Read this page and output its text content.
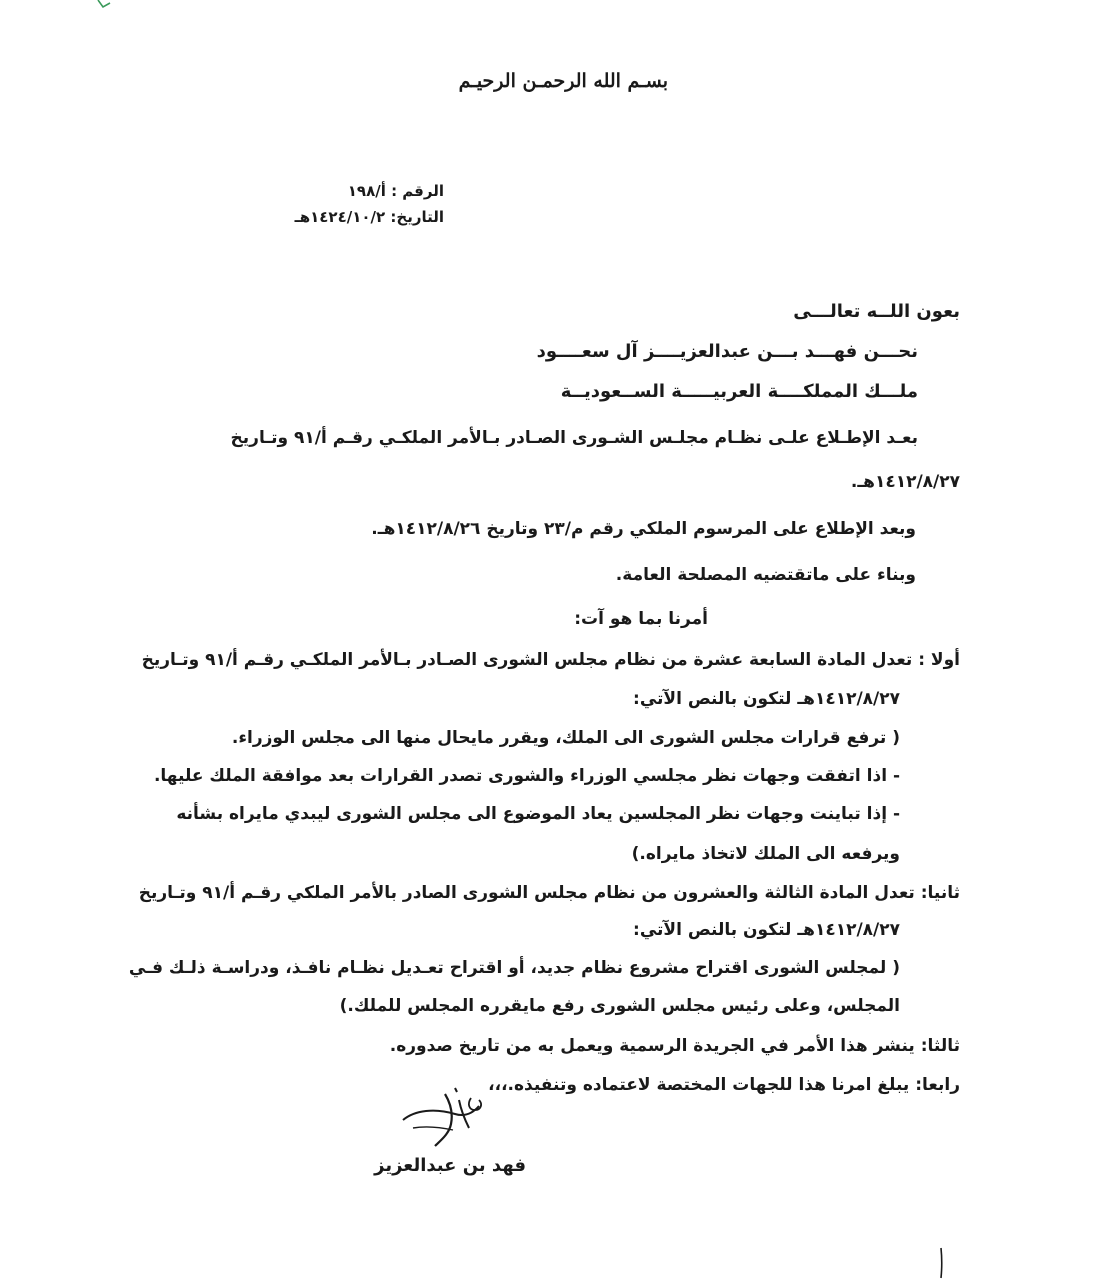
بسـم الله الرحمـن الرحيـم
الرقم : أ/١٩٨
التاريخ: ١٤٢٤/١٠/٢هـ
بعون اللــه تعالـــى
نحـــن فهـــد بـــن عبدالعزيــــز آل سعــــود
ملـــك المملكــــة العربيـــــة الســعوديــة
بعـد الإطـلاع علـى نظـام مجلـس الشـورى الصـادر بـالأمر الملكـي رقـم أ/٩١ وتـاريخ
١٤١٢/٨/٢٧هـ.
وبعد الإطلاع على المرسوم الملكي رقم م/٢٣ وتاريخ ١٤١٢/٨/٢٦هـ.
وبناء على ماتقتضيه المصلحة العامة.
أمرنا بما هو آت:
أولا : تعدل المادة السابعة عشرة من نظام مجلس الشورى الصـادر بـالأمر الملكـي رقـم أ/٩١ وتـاريخ
١٤١٢/٨/٢٧هـ لتكون بالنص الآتي:
( ترفع قرارات مجلس الشورى الى الملك، ويقرر مايحال منها الى مجلس الوزراء.
- اذا اتفقت وجهات نظر مجلسي الوزراء والشورى تصدر القرارات بعد موافقة الملك عليها.
- إذا تباينت وجهات نظر المجلسين يعاد الموضوع الى مجلس الشورى ليبدي مايراه بشأنه
ويرفعه الى الملك لاتخاذ مايراه.)
ثانيا: تعدل المادة الثالثة والعشرون من نظام مجلس الشورى الصادر بالأمر الملكي رقـم أ/٩١ وتـاريخ
١٤١٢/٨/٢٧هـ لتكون بالنص الآتي:
( لمجلس الشورى اقتراح مشروع نظام جديد، أو اقتراح تعـديل نظـام نافـذ، ودراسـة ذلـك فـي
المجلس، وعلى رئيس مجلس الشورى رفع مايقرره المجلس للملك.)
ثالثا: ينشر هذا الأمر في الجريدة الرسمية ويعمل به من تاريخ صدوره.
رابعا: يبلغ امرنا هذا للجهات المختصة لاعتماده وتنفيذه.،،،
فهد بن عبدالعزيز
